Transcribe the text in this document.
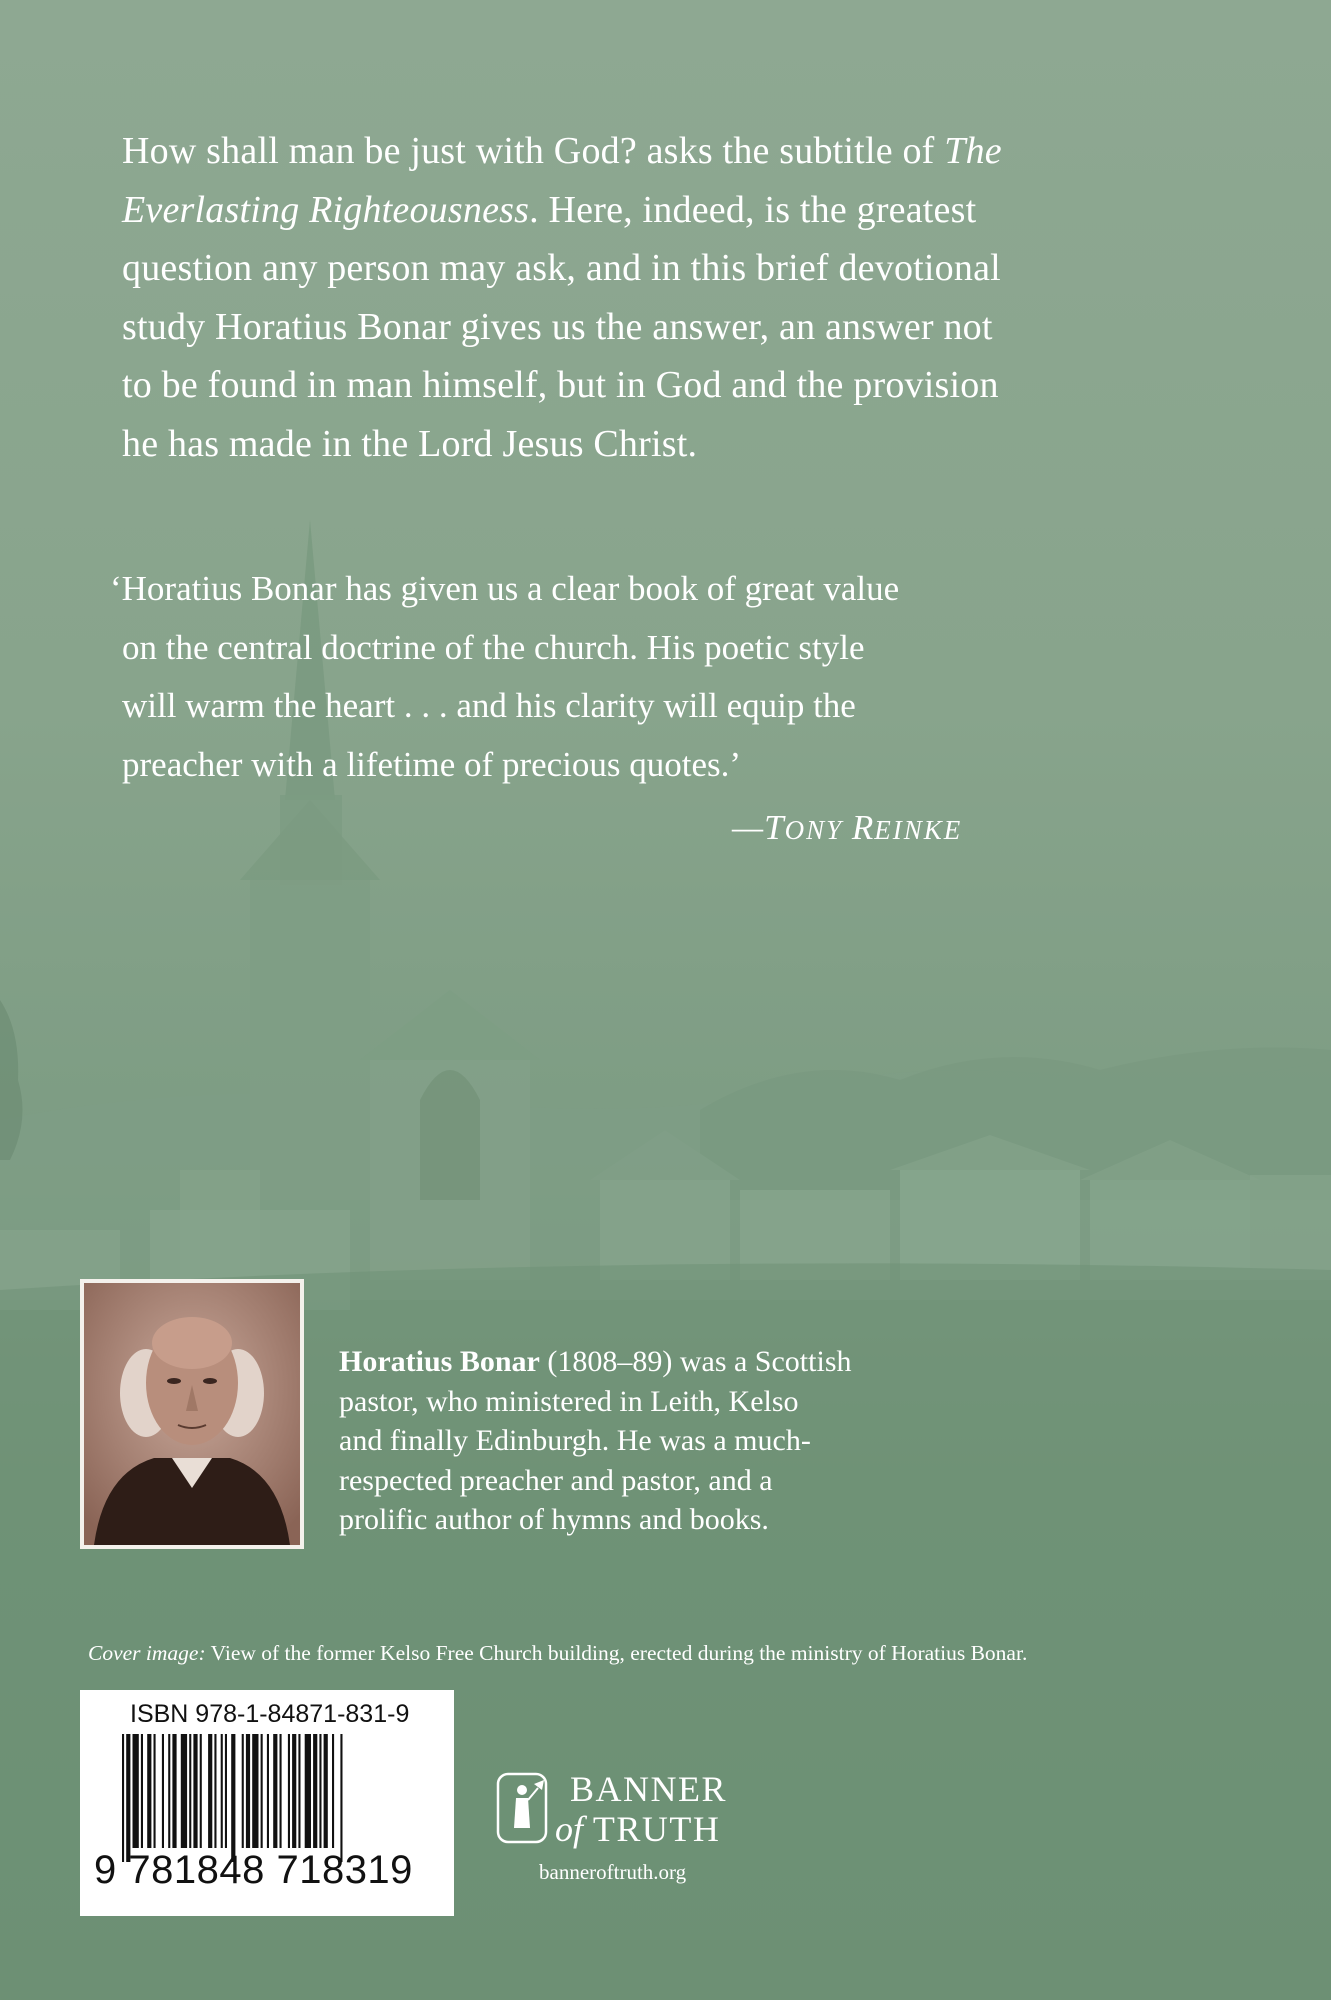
How shall man be just with God? asks the subtitle of The
Everlasting Righteousness. Here, indeed, is the greatest
question any person may ask, and in this brief devotional
study Horatius Bonar gives us the answer, an answer not
to be found in man himself, but in God and the provision
he has made in the Lord Jesus Christ.
‘Horatius Bonar has given us a clear book of great value
on the central doctrine of the church. His poetic style
will warm the heart . . . and his clarity will equip the
preacher with a lifetime of precious quotes.’
—TONY REINKE
Horatius Bonar (1808–89) was a Scottish
pastor, who ministered in Leith, Kelso
and finally Edinburgh. He was a much-
respected preacher and pastor, and a
prolific author of hymns and books.
Cover image: View of the former Kelso Free Church building, erected during the ministry of Horatius Bonar.
ISBN 978-1-84871-831-9
9 781848 718319
BANNER
of TRUTH
banneroftruth.org
